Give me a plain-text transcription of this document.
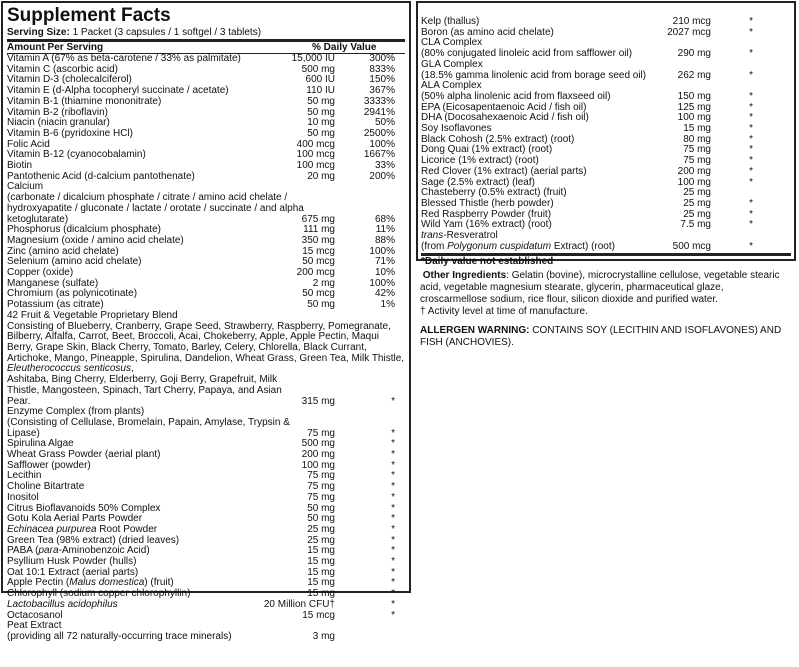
Supplement Facts
Serving Size: 1 Packet (3 capsules / 1 softgel / 3 tablets)
Amount Per Serving	% Daily Value
Vitamin A (67% as beta-carotene / 33% as palmitate)	15,000 IU	300%
Vitamin C (ascorbic acid)	500 mg	833%
Vitamin D-3 (cholecalciferol)	600 IU	150%
Vitamin E (d-Alpha tocopheryl succinate / acetate)	110 IU	367%
Vitamin B-1 (thiamine mononitrate)	50 mg	3333%
Vitamin B-2 (riboflavin)	50 mg	2941%
Niacin (niacin granular)	10 mg	50%
Vitamin B-6 (pyridoxine HCl)	50 mg	2500%
Folic Acid	400 mcg	100%
Vitamin B-12 (cyanocobalamin)	100 mcg	1667%
Biotin	100 mcg	33%
Pantothenic Acid (d-calcium pantothenate)	20 mg	200%
Calcium
(carbonate / dicalcium phosphate / citrate / amino acid chelate / hydroxyapatite / gluconate / lactate / orotate / succinate / and alpha ketoglutarate)	675 mg	68%
Phosphorus (dicalcium phosphate)	111 mg	11%
Magnesium (oxide / amino acid chelate)	350 mg	88%
Zinc (amino acid chelate)	15 mcg	100%
Selenium (amino acid chelate)	50 mcg	71%
Copper (oxide)	200 mcg	10%
Manganese (sulfate)	2 mg	100%
Chromium (as polynicotinate)	50 mcg	42%
Potassium (as citrate)	50 mg	1%
42 Fruit & Vegetable Proprietary Blend
Consisting of Blueberry, Cranberry, Grape Seed, Strawberry, Raspberry, Pomegranate, Bilberry, Alfalfa, Carrot, Beet, Broccoli, Acai, Chokeberry, Apple, Apple Pectin, Maqui Berry, Grape Skin, Black Cherry, Tomato, Barley, Celery, Chlorella, Black Currant, Artichoke, Mango, Pineapple, Spirulina, Dandelion, Wheat Grass, Green Tea, Milk Thistle, Eleutherococcus senticosus,
Ashitaba, Bing Cherry, Elderberry, Goji Berry, Grapefruit, Milk Thistle, Mangosteen, Spinach, Tart Cherry, Papaya, and Asian Pear.	315 mg	*
Enzyme Complex (from plants)
(Consisting of Cellulase, Bromelain, Papain, Amylase, Trypsin & Lipase)	75 mg	*
Spirulina Algae	500 mg	*
Wheat Grass Powder (aerial plant)	200 mg	*
Safflower (powder)	100 mg	*
Lecithin	75 mg	*
Choline Bitartrate	75 mg	*
Inositol	75 mg	*
Citrus Bioflavanoids 50% Complex	50 mg	*
Gotu Kola Aerial Parts Powder	50 mg	*
Echinacea purpurea Root Powder	25 mg	*
Green Tea (98% extract) (dried leaves)	25 mg	*
PABA (para-Aminobenzoic Acid)	15 mg	*
Psyllium Husk Powder (hulls)	15 mg	*
Oat 10:1 Extract (aerial parts)	15 mg	*
Apple Pectin (Malus domestica) (fruit)	15 mg	*
Chlorophyll (sodium copper chlorophyllin)	15 mg	*
Lactobacillus acidophilus	20 Million CFU†	*
Octacosanol	15 mcg	*
Peat Extract
(providing all 72 naturally-occurring trace minerals)	3 mg
Kelp (thallus)	210 mcg	*
Boron (as amino acid chelate)	2027 mcg	*
CLA Complex
(80% conjugated linoleic acid from safflower oil)	290 mg	*
GLA Complex
(18.5% gamma linolenic acid from borage seed oil)	262 mg	*
ALA Complex
(50% alpha linolenic acid from flaxseed oil)	150 mg	*
EPA (Eicosapentaenoic Acid / fish oil)	125 mg	*
DHA (Docosahexaenoic Acid / fish oil)	100 mg	*
Soy Isoflavones	15 mg	*
Black Cohosh (2.5% extract) (root)	80 mg	*
Dong Quai (1% extract) (root)	75 mg	*
Licorice (1% extract) (root)	75 mg	*
Red Clover (1% extract) (aerial parts)	200 mg	*
Sage (2.5% extract) (leaf)	100 mg	*
Chasteberry (0.5% extract) (fruit)	25 mg
Blessed Thistle (herb powder)	25 mg	*
Red Raspberry Powder (fruit)	25 mg	*
Wild Yam (16% extract) (root)	7.5 mg	*
trans-Resveratrol
(from Polygonum cuspidatum Extract) (root)	500 mcg	*
*Daily value not established
Other Ingredients: Gelatin (bovine), microcrystalline cellulose, vegetable stearic acid, vegetable magnesium stearate, glycerin, pharmaceutical glaze, croscarmellose sodium, rice flour, silicon dioxide and purified water.
† Activity level at time of manufacture.
ALLERGEN WARNING: CONTAINS SOY (LECITHIN AND ISOFLAVONES) AND FISH (ANCHOVIES).
